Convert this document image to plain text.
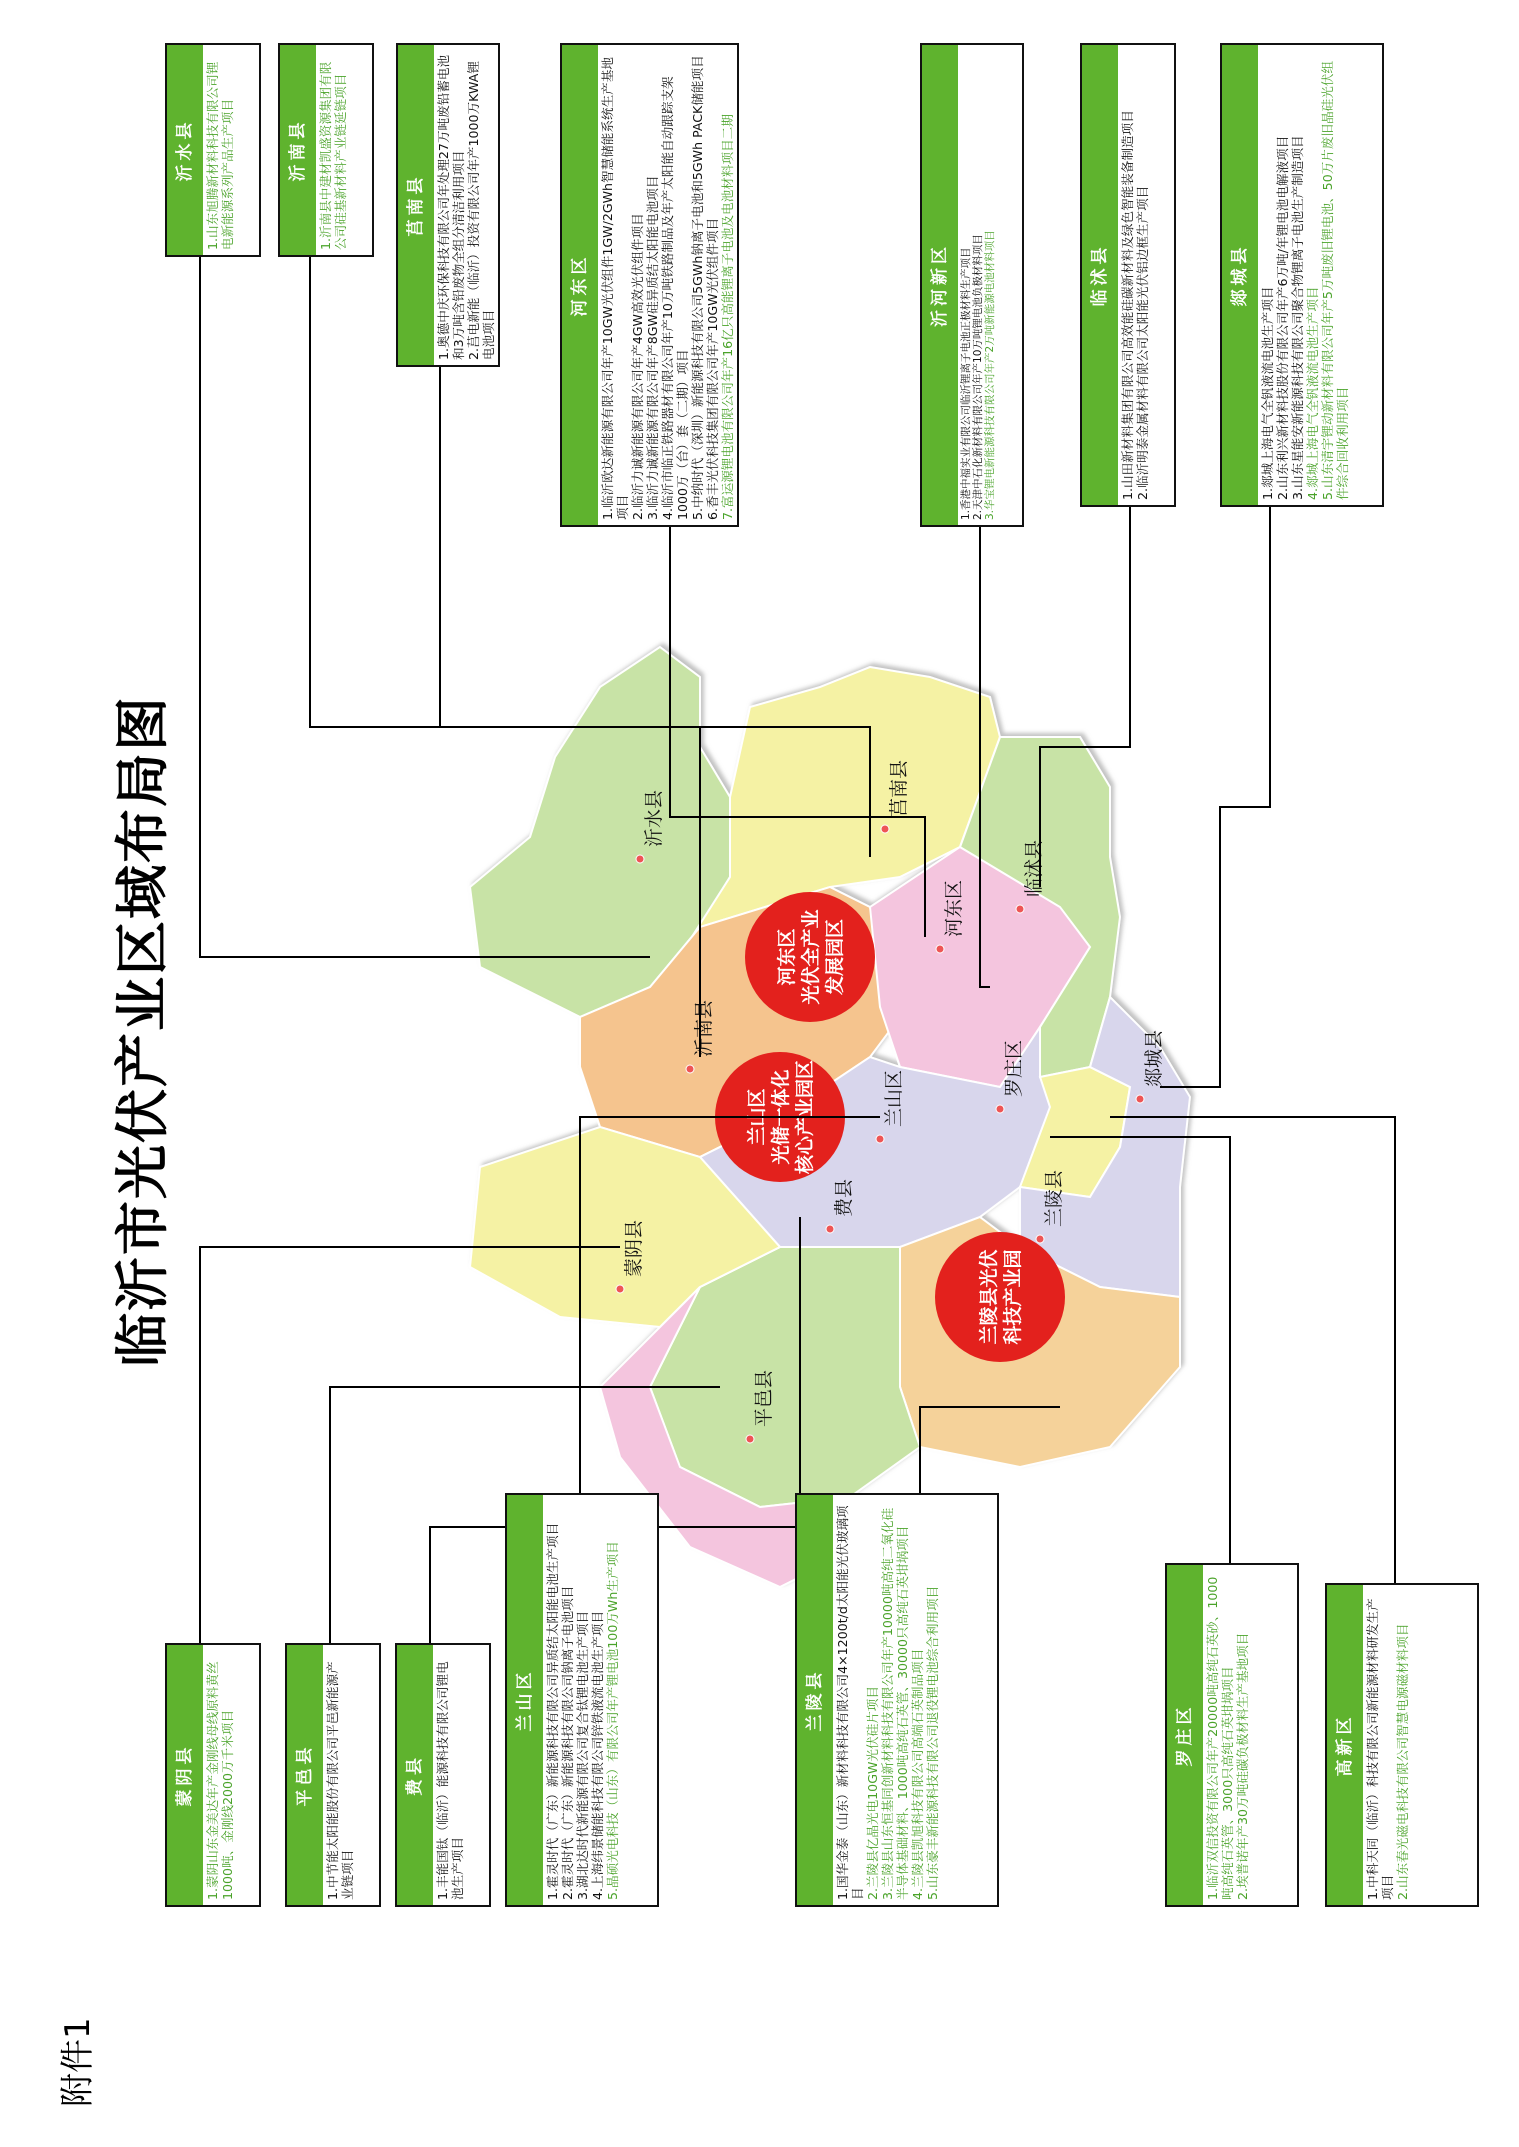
附件1
临沂市光伏产业区域布局图	沂水县
沂南县
莒南县
临沭县
河东区
兰山区
罗庄区	郯城县
蒙阴县
费县
平邑县
兰陵县
河东区 光伏全产业 发展园区
兰山区 光储一体化 核心产业园区
兰陵县光伏 科技产业园
沂水县 1.山东旭腾新材料科技有限公司锂电新能源系列产品生产项目	沂南县 1.沂南县中建材凯盛资源集团有限公司硅基新材料产业链延链项目	莒南县 1.奥德中庆环保科技有限公司年处理27万吨废铅蓄电池和3万吨含铅废物全组分清洁利用项目 2.莒电新能（临沂）投资有限公司年产1000万KWA锂电池项目
河东区 1.临沂欧达新能源有限公司年产10GW光伏组件1GW/2GWh智慧储能系统生产基地项目 2.临沂力诚新能源有限公司年产4GW高效光伏组件项目 3.临沂力诚新能源有限公司年产8GW硅异质结太阳能电池项目 4.临沂市临正铁路器材有限公司年产10万吨铁路制品及年产太阳能自动跟踪支架1000万（台）套（二期）项目 5.中纳时代（深圳）新能源科技有限公司5GWh钠离子电池和5GWh PACK储能项目 6.香丰光伏科技集团有限公司年产10GW光伏组件项目 7.富运源锂电池有限公司年产16亿只高能锂离子电池及电池材料项目二期	沂河新区 1.香港中福实业有限公司临沂锂离子电池正极材料生产项目 2.天津中石化新材料有限公司年产10万吨锂电池负极材料项目 3.华宝锂电新能源科技有限公司年产2万吨新能源电池材料项目	临沭县 1.山田新材料集团有限公司高效能硅碳新材料及绿色智能装备制造项目 2.临沂明泰金属材料有限公司太阳能光伏铝边框生产项目	郯城县
1.郯城上海电气全钒液流电池生产项目 2.山东利兴新材料技股份有限公司年产6万吨/年锂电池电解液项目 3.山东星能安新能源科技有限公司聚合物锂离子电池生产制造项目 4.郯城上海电气全钒液流电池生产项目 5.山东清宇锂动新材料有限公司年产5万吨废旧锂电池、50万片废旧晶硅光伏组件综合回收利用项目
蒙阴县 1.蒙阴山东金美达年产金刚线母线原料黄丝1000吨、金刚线2000万千米项目	平邑县 1.中节能太阳能股份有限公司平邑新能源产业链项目
费县 1.丰能国钛（临沂）能源科技有限公司锂电池生产项目
兰山区 1.霍灵时代（广东）新能源科技有限公司异质结太阳能电池生产项目 2.霍灵时代（广东）新能源科技有限公司钠离子电池项目 3.湖北达时代新能源有限公司复合钛锂电池生产项目 4.上海纬景储能科技有限公司锌铁液流电池生产项目 5.晶硕光电科技（山东）有限公司年产锂电池100万Wh生产项目	兰陵县 1.国华金泰（山东）新材料科技有限公司4×1200t/d太阳能光伏玻璃项目 2.兰陵县亿晶光电10GW光伏硅片项目 3.兰陵县山东恒基同创新材料科技有限公司年产10000吨高纯二氧化硅半导体基础材料、1000吨高纯石英管、30000只高纯石英坩埚项目 4.兰陵县凯旭科技有限公司高端石英制品项目 5.山东豪丰新能源科技有限公司退役锂电池综合利用项目	罗庄区 1.临沂双信投资有限公司年产20000吨高纯石英砂、1000吨高纯石英管、3000只高纯石英坩埚项目 2.埃普诺年产30万吨硅碳负极材料生产基地项目	高新区 1.中科天同（临沂）科技有限公司新能源材料研发生产项目 2.山东春光磁电科技有限公司智慧电源磁材料项目
